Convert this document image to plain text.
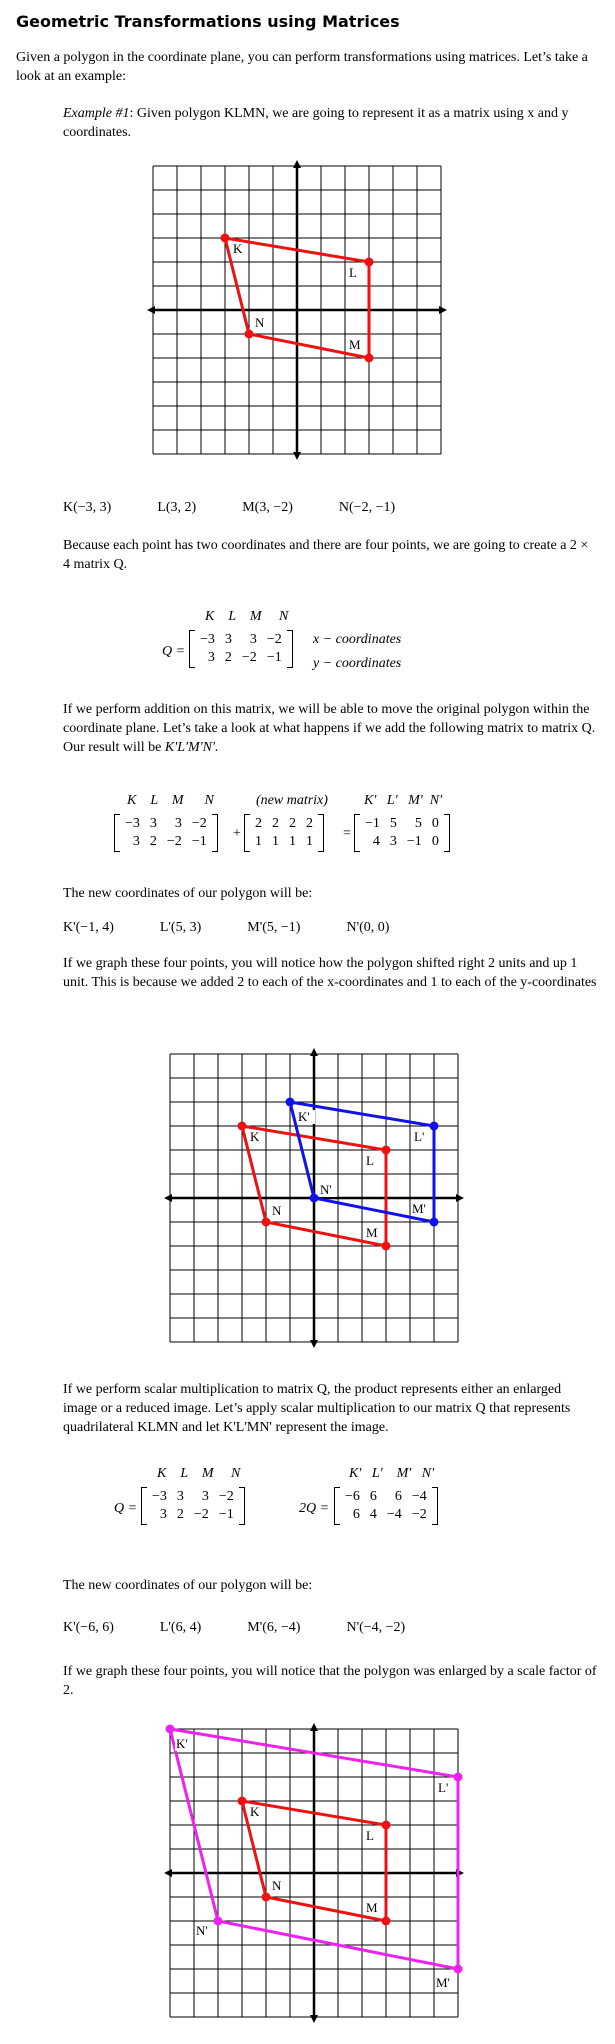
Geometric Transformations using Matrices

Given a polygon in the coordinate plane, you can perform transformations using matrices. Let’s take a look at an example:

Example #1: Given polygon KLMN, we are going to represent it as a matrix using x and y coordinates.

K
L
M
N
K(−3, 3)	L(3, 2)	M(3, −2)	N(−2, −1)

Because each point has two coordinates and there are four points, we are going to create a 2 × 4 matrix Q.

K    L    M     N
Q =
−3	3	3	−2
3	2	−2	−1
x − coordinates
y − coordinates

If we perform addition on this matrix, we will be able to move the original polygon within the coordinate plane. Let’s take a look at what happens if we add the following matrix to matrix Q. Our result will be K'L'M'N'.

K    L    M      N	(new matrix)	K'   L'   M'  N'
−3	3	3	−2
3	2	−2	−1
+
2	2	2	2
1	1	1	1
=
−1	5	5	0
4	3	−1	0

The new coordinates of our polygon will be:

K'(−1, 4)	L'(5, 3)	M'(5, −1)	N'(0, 0)

If we graph these four points, you will notice how the polygon shifted right 2 units and up 1 unit. This is because we added 2 to each of the x-coordinates and 1 to each of the y-coordinates

K
L
M
N
K'
L'
M'
N'

If we perform scalar multiplication to matrix Q, the product represents either an enlarged image or a reduced image. Let’s apply scalar multiplication to our matrix Q that represents quadrilateral KLMN and let K'L'MN' represent the image.

K    L    M     N
Q =
−3	3	3	−2
3	2	−2	−1
K'   L'    M'   N'
2Q =
−6	6	6	−4
6	4	−4	−2

The new coordinates of our polygon will be:

K'(−6, 6)	L'(6, 4)	M'(6, −4)	N'(−4, −2)

If we graph these four points, you will notice that the polygon was enlarged by a scale factor of 2.

K
L
M
N
K'
L'
M'
N'
